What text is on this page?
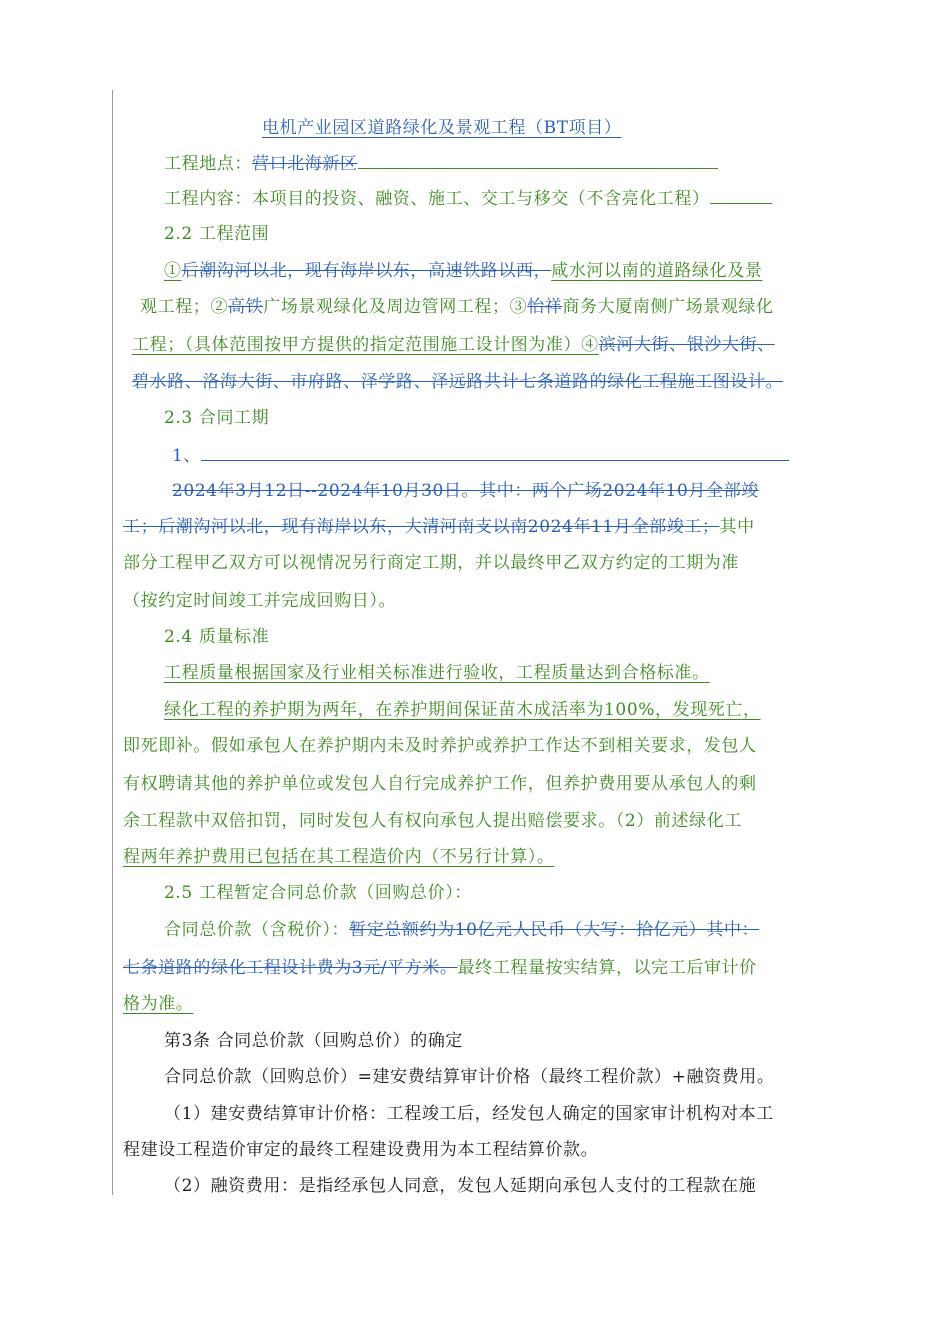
电机产业园区道路绿化及景观工程（BT项目）
工程地点：营口北海新区
工程内容：本项目的投资、融资、施工、交工与移交（不含亮化工程）
2.2 工程范围
①后潮沟河以北，现有海岸以东，高速铁路以西，咸水河以南的道路绿化及景
观工程；②高铁广场景观绿化及周边管网工程；③怡祥商务大厦南侧广场景观绿化
工程；（具体范围按甲方提供的指定范围施工设计图为准）④滨河大街、银沙大街、
碧水路、洛海大街、市府路、泽学路、泽远路共计七条道路的绿化工程施工图设计。
2.3 合同工期
1、
2024年3月12日--2024年10月30日。其中：两个广场2024年10月全部竣
工；后潮沟河以北，现有海岸以东，大清河南支以南2024年11月全部竣工；其中
部分工程甲乙双方可以视情况另行商定工期，并以最终甲乙双方约定的工期为准
（按约定时间竣工并完成回购日）。
2.4 质量标准
工程质量根据国家及行业相关标准进行验收，工程质量达到合格标准。
绿化工程的养护期为两年，在养护期间保证苗木成活率为100%，发现死亡，
即死即补。假如承包人在养护期内未及时养护或养护工作达不到相关要求，发包人
有权聘请其他的养护单位或发包人自行完成养护工作，但养护费用要从承包人的剩
余工程款中双倍扣罚，同时发包人有权向承包人提出赔偿要求。（2）前述绿化工
程两年养护费用已包括在其工程造价内（不另行计算）。
2.5 工程暂定合同总价款（回购总价）：
合同总价款（含税价）：暂定总额约为10亿元人民币（大写：拾亿元）其中：
七条道路的绿化工程设计费为3元/平方米。最终工程量按实结算，以完工后审计价
格为准。
第3条 合同总价款（回购总价）的确定
合同总价款（回购总价）=建安费结算审计价格（最终工程价款）+融资费用。
（1）建安费结算审计价格：工程竣工后，经发包人确定的国家审计机构对本工
程建设工程造价审定的最终工程建设费用为本工程结算价款。
（2）融资费用：是指经承包人同意，发包人延期向承包人支付的工程款在施
